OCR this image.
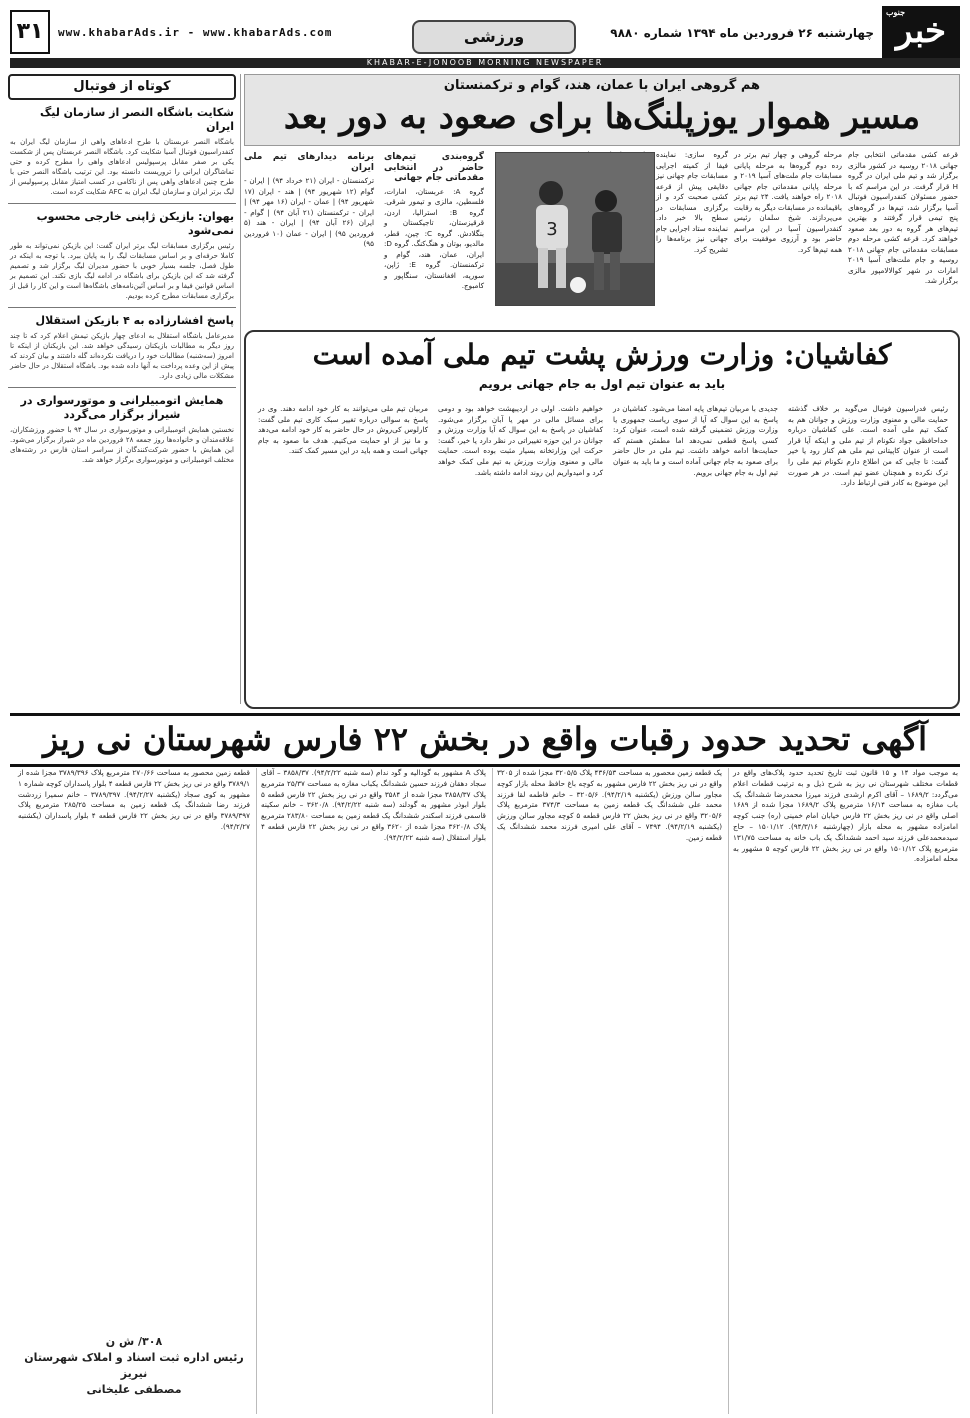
خبر
جنوب
چهارشنبه ۲۶ فروردین ماه ۱۳۹۴ شماره ۹۸۸۰
ورزشی
www.khabarAds.ir - www.khabarAds.com
۳۱
KHABAR-E-JONOOB MORNING NEWSPAPER
کوتاه از فوتبال
شکایت باشگاه النصر از سازمان لیگ ایران
باشگاه النصر عربستان با طرح ادعاهای واهی از سازمان لیگ ایران به کنفدراسیون فوتبال آسیا شکایت کرد. باشگاه النصر عربستان پس از شکست یکی بر صفر مقابل پرسپولیس ادعاهای واهی را مطرح کرده و حتی تماشاگران ایرانی را تروریست دانسته بود. این ترتیب باشگاه النصر حتی با طرح چنین ادعاهای واهی پس از ناکامی در کسب امتیاز مقابل پرسپولیس از لیگ برتر ایران و سازمان لیگ ایران به AFC شکایت کرده است.
بهوان: بازیکن ژاپنی خارجی محسوب نمی‌شود
رئیس برگزاری مسابقات لیگ برتر ایران گفت: این بازیکن نمی‌تواند به طور کاملا حرفه‌ای و بر اساس مسابقات لیگ را به پایان ببرد. با توجه به اینکه در طول فصل، جلسه بسیار خوبی با حضور مدیران لیگ برگزار شد و تصمیم گرفته شد که این بازیکن برای باشگاه در ادامه لیگ بازی نکند. این تصمیم بر اساس قوانین فیفا و بر اساس آئین‌نامه‌های باشگاه‌ها است و این کار را قبل از برگزاری مسابقات مطرح کرده بودیم.
پاسخ افشارزاده به ۴ بازیکن استقلال
مدیرعامل باشگاه استقلال به ادعای چهار بازیکن تیمش اعلام کرد که تا چند روز دیگر به مطالبات بازیکنان رسیدگی خواهد شد. این بازیکنان از اینکه تا امروز (سه‌شنبه) مطالبات خود را دریافت نکرده‌اند گله داشتند و بیان کردند که پیش از این وعده پرداخت به آنها داده شده بود. باشگاه استقلال در حال حاضر مشکلات مالی زیادی دارد.
همایش اتومبیلرانی و موتورسواری در شیراز برگزار می‌گردد
نخستین همایش اتومبیلرانی و موتورسواری در سال ۹۴ با حضور ورزشکاران، علاقه‌مندان و خانواده‌ها روز جمعه ۲۸ فروردین ماه در شیراز برگزار می‌شود. این همایش با حضور شرکت‌کنندگان از سراسر استان فارس در رشته‌های مختلف اتومبیلرانی و موتورسواری برگزار خواهد شد.
هم گروهی ایران با عمان، هند، گوام و ترکمنستان
مسیر هموار یوزپلنگ‌ها برای صعود به دور بعد
قرعه کشی مقدماتی انتخابی جام جهانی ۲۰۱۸ روسیه در کشور مالزی برگزار شد و تیم ملی ایران در گروه H قرار گرفت. در این مراسم که با حضور مسئولان کنفدراسیون فوتبال آسیا برگزار شد، تیم‌ها در گروه‌های پنج تیمی قرار گرفتند و بهترین تیم‌های هر گروه به دور بعد صعود خواهند کرد. قرعه کشی مرحله دوم مسابقات مقدماتی جام جهانی ۲۰۱۸ روسیه و جام ملت‌های آسیا ۲۰۱۹ امارات در شهر کوالالامپور مالزی برگزار شد.
مرحله گروهی و چهار تیم برتر در رده دوم گروه‌ها به مرحله پایانی مسابقات جام ملت‌های آسیا ۲۰۱۹ و مرحله پایانی مقدماتی جام جهانی ۲۰۱۸ راه خواهند یافت. ۲۴ تیم برتر باقیمانده در مسابقات دیگر به رقابت می‌پردازند. شیخ سلمان رئیس کنفدراسیون آسیا در این مراسم حاضر بود و آرزوی موفقیت برای همه تیم‌ها کرد.
گروه سازی: نماینده فیفا از کمیته اجرایی مسابقات جام جهانی نیز دقایقی پیش از قرعه کشی صحبت کرد و از برگزاری مسابقات در سطح بالا خبر داد. نماینده ستاد اجرایی جام جهانی نیز برنامه‌ها را تشریح کرد.
3
گروه‌بندی تیم‌های حاضر در انتخابی مقدماتی جام جهانی
گروه A: عربستان، امارات، فلسطین، مالزی و تیمور شرقی. گروه B: استرالیا، اردن، قرقیزستان، تاجیکستان و بنگلادش. گروه C: چین، قطر، مالدیو، بوتان و هنگ‌کنگ. گروه D: ایران، عمان، هند، گوام و ترکمنستان. گروه E: ژاپن، سوریه، افغانستان، سنگاپور و کامبوج.
برنامه دیدارهای تیم ملی ایران
ترکمنستان - ایران (۲۱ خرداد ۹۴) | ایران - گوام (۱۲ شهریور ۹۴) | هند - ایران (۱۷ شهریور ۹۴) | عمان - ایران (۱۶ مهر ۹۴) | ایران - ترکمنستان (۲۱ آبان ۹۴) | گوام - ایران (۲۶ آبان ۹۴) | ایران - هند (۵ فروردین ۹۵) | ایران - عمان (۱۰ فروردین ۹۵)
کفاشیان: وزارت ورزش پشت تیم ملی آمده است
باید به عنوان تیم اول به جام جهانی برویم
رئیس فدراسیون فوتبال می‌گوید بر خلاف گذشته حمایت مالی و معنوی وزارت ورزش و جوانان هم به کمک تیم ملی آمده است. علی کفاشیان درباره خداحافظی جواد نکونام از تیم ملی و اینکه آیا قرار است از عنوان کاپیتانی تیم ملی هم کنار رود یا خیر گفت: تا جایی که من اطلاع دارم نکونام تیم ملی را ترک نکرده و همچنان عضو تیم است. در هر صورت این موضوع به کادر فنی ارتباط دارد.
جدیدی با مربیان تیم‌های پایه امضا می‌شود. کفاشیان در پاسخ به این سوال که آیا از سوی ریاست جمهوری یا وزارت ورزش تضمینی گرفته شده است، عنوان کرد: کسی پاسخ قطعی نمی‌دهد اما مطمئن هستم که حمایت‌ها ادامه خواهد داشت. تیم ملی در حال حاضر برای صعود به جام جهانی آماده است و ما باید به عنوان تیم اول به جام جهانی برویم.
خواهیم داشت. اولی در اردیبهشت خواهد بود و دومی برای مسائل مالی در مهر یا آبان برگزار می‌شود. کفاشیان در پاسخ به این سوال که آیا وزارت ورزش و جوانان در این حوزه تغییراتی در نظر دارد یا خیر، گفت: حرکت این وزارتخانه بسیار مثبت بوده است. حمایت مالی و معنوی وزارت ورزش به تیم ملی کمک خواهد کرد و امیدواریم این روند ادامه داشته باشد.
مربیان تیم ملی می‌توانند به کار خود ادامه دهند. وی در پاسخ به سوالی درباره تغییر سبک کاری تیم ملی گفت: کارلوس کی‌روش در حال حاضر به کار خود ادامه می‌دهد و ما نیز از او حمایت می‌کنیم. هدف ما صعود به جام جهانی است و همه باید در این مسیر کمک کنند.
آگهی تحدید حدود رقبات واقع در بخش ۲۲ فارس شهرستان نی ریز
به موجب مواد ۱۴ و ۱۵ قانون ثبت تاریخ تحدید حدود پلاک‌های واقع در قطعات مختلف شهرستان نی ریز به شرح ذیل و به ترتیب قطعات اعلام می‌گردد: ۱۶۸۹/۲ – آقای اکرم ارشدی فرزند میرزا محمدرضا ششدانگ یک باب مغازه به مساحت ۱۶/۱۴ مترمربع پلاک ۱۶۸۹/۲ مجزا شده از ۱۶۸۹ اصلی واقع در نی ریز بخش ۲۲ فارس خیابان امام خمینی (ره) جنب کوچه امامزاده مشهور به محله بازار (چهارشنبه ۹۴/۳/۱۶). ۱۵۰۱/۱۲ – حاج سیدمحمدعلی فرزند سید احمد ششدانگ یک باب خانه به مساحت ۱۳۱/۷۵ مترمربع پلاک ۱۵۰۱/۱۲ واقع در نی ریز بخش ۲۲ فارس کوچه ۵ مشهور به محله امامزاده.
یک قطعه زمین محصور به مساحت ۴۳۶/۵۳ پلاک ۳۲۰۵/۵ مجزا شده از ۳۲۰۵ واقع در نی ریز بخش ۲۲ فارس مشهور به کوچه باغ حافظ محله بازار کوچه مجاور سالن ورزش (یکشنبه ۹۴/۲/۱۹). ۳۲۰۵/۶ – خانم فاطمه لقا فرزند محمد علی ششدانگ یک قطعه زمین به مساحت ۳۷۴/۳ مترمربع پلاک ۳۲۰۵/۶ واقع در نی ریز بخش ۲۲ فارس قطعه ۵ کوچه مجاور سالن ورزش (یکشنبه ۹۴/۲/۱۹). ۷۴۹۴ – آقای علی امیری فرزند محمد ششدانگ یک قطعه زمین.
پلاک A مشهور به گودالیه و گود ندام (سه شنبه ۹۴/۲/۲۲). ۳۸۵۸/۳۷ – آقای سجاد دهقان فرزند حسین ششدانگ یکباب مغازه به مساحت ۲۵/۳۷ مترمربع پلاک ۳۸۵۸/۳۷ مجزا شده از ۳۵۸۴ واقع در نی ریز بخش ۲۲ فارس قطعه ۵ بلوار ابوذر مشهور به گودلند (سه شنبه ۹۴/۲/۲۲). ۳۶۲۰/۸ – خانم سکینه قاسمی فرزند اسکندر ششدانگ یک قطعه زمین به مساحت ۲۸۳/۸۰ مترمربع پلاک ۳۶۲۰/۸ مجزا شده از ۳۶۲۰ واقع در نی ریز بخش ۲۲ فارس قطعه ۴ بلوار استقلال (سه شنبه ۹۴/۲/۲۲).
قطعه زمین محصور به مساحت ۲۷۰/۶۶ مترمربع پلاک ۳۷۸۹/۳۹۶ مجزا شده از ۳۷۸۹/۱ واقع در نی ریز بخش ۲۲ فارس قطعه ۴ بلوار پاسداران کوچه شماره ۱ مشهور به کوی سجاد (یکشنبه ۹۴/۲/۲۷). ۳۷۸۹/۳۹۷ – خانم سمیرا زردشت فرزند رضا ششدانگ یک قطعه زمین به مساحت ۲۸۵/۲۵ مترمربع پلاک ۳۷۸۹/۳۹۷ واقع در نی ریز بخش ۲۲ فارس قطعه ۴ بلوار پاسداران (یکشنبه ۹۴/۲/۲۷).
۳۰۸/ ش ن
رئیس اداره ثبت اسناد و املاک شهرستان نیریز
مصطفی علیخانی
